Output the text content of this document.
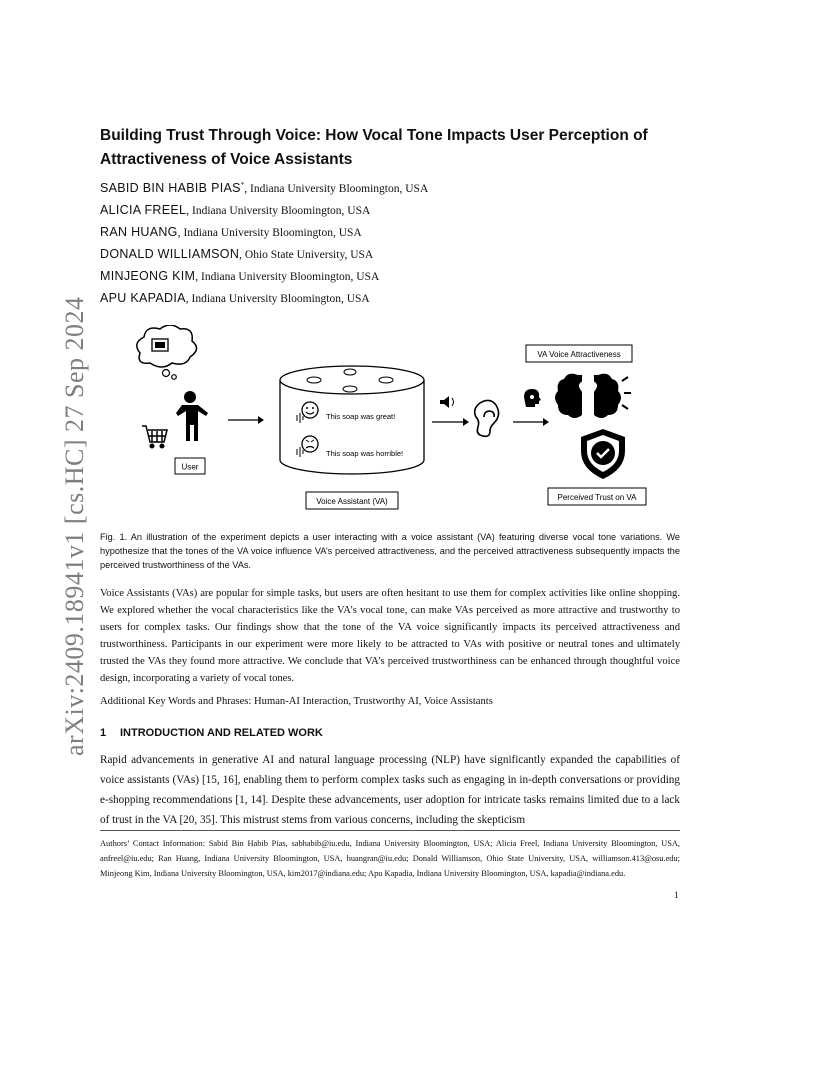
arXiv:2409.18941v1 [cs.HC] 27 Sep 2024
Building Trust Through Voice: How Vocal Tone Impacts User Perception of Attractiveness of Voice Assistants
SABID BIN HABIB PIAS*, Indiana University Bloomington, USA
ALICIA FREEL, Indiana University Bloomington, USA
RAN HUANG, Indiana University Bloomington, USA
DONALD WILLIAMSON, Ohio State University, USA
MINJEONG KIM, Indiana University Bloomington, USA
APU KAPADIA, Indiana University Bloomington, USA
User
This soap was great!
This soap was horrible!
Voice Assistant (VA)
VA Voice Attractiveness
Perceived Trust on VA

Fig. 1. An illustration of the experiment depicts a user interacting with a voice assistant (VA) featuring diverse vocal tone variations. We hypothesize that the tones of the VA voice influence VA’s perceived attractiveness, and the perceived attractiveness subsequently impacts the perceived trustworthiness of the VAs.

Voice Assistants (VAs) are popular for simple tasks, but users are often hesitant to use them for complex activities like online shopping. We explored whether the vocal characteristics like the VA’s vocal tone, can make VAs perceived as more attractive and trustworthy to users for complex tasks. Our findings show that the tone of the VA voice significantly impacts its perceived attractiveness and trustworthiness. Participants in our experiment were more likely to be attracted to VAs with positive or neutral tones and ultimately trusted the VAs they found more attractive. We conclude that VA’s perceived trustworthiness can be enhanced through thoughtful voice design, incorporating a variety of vocal tones.

Additional Key Words and Phrases: Human-AI Interaction, Trustworthy AI, Voice Assistants

1 INTRODUCTION AND RELATED WORK

Rapid advancements in generative AI and natural language processing (NLP) have significantly expanded the capabilities of voice assistants (VAs) [15, 16], enabling them to perform complex tasks such as engaging in in-depth conversations or providing e-shopping recommendations [1, 14]. Despite these advancements, user adoption for intricate tasks remains limited due to a lack of trust in the VA [20, 35]. This mistrust stems from various concerns, including the skepticism

Authors’ Contact Information: Sabid Bin Habib Pias, sabhabib@iu.edu, Indiana University Bloomington, USA; Alicia Freel, Indiana University Bloomington, USA, anfreel@iu.edu; Ran Huang, Indiana University Bloomington, USA, huangran@iu.edu; Donald Williamson, Ohio State University, USA, williamson.413@osu.edu; Minjeong Kim, Indiana University Bloomington, USA, kim2017@indiana.edu; Apu Kapadia, Indiana University Bloomington, USA, kapadia@indiana.edu.

1
